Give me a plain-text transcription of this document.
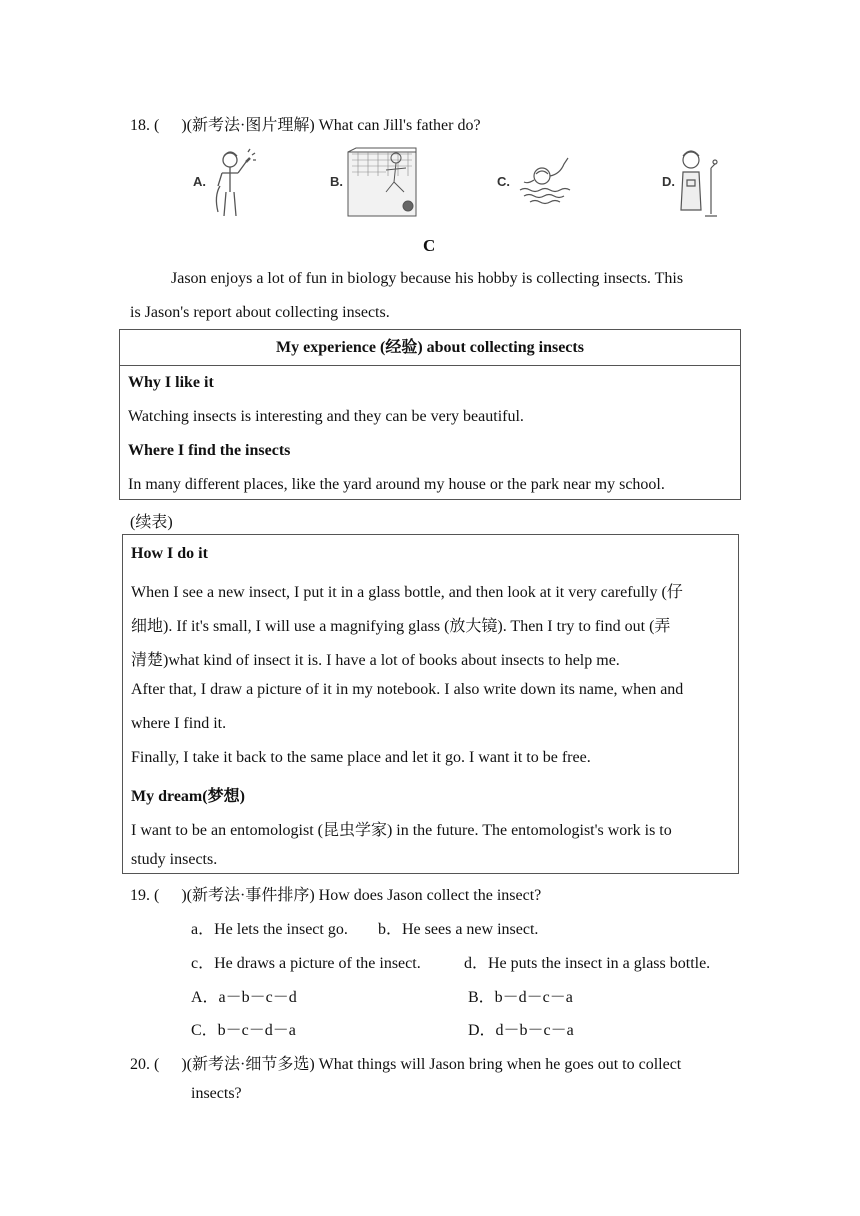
18. ( )(新考法·图片理解) What can Jill's father do?
A.	B.	C.	D.
C
Jason enjoys a lot of fun in biology because his hobby is collecting insects. This
is Jason's report about collecting insects.
My experience (经验) about collecting insects
Why I like it
Watching insects is interesting and they can be very beautiful.
Where I find the insects
In many different places, like the yard around my house or the park near my school.
(续表)
How I do it
When I see a new insect, I put it in a glass bottle, and then look at it very carefully (仔
细地). If it's small, I will use a magnifying glass (放大镜). Then I try to find out (弄
清楚)what kind of insect it is. I have a lot of books about insects to help me.
After that, I draw a picture of it in my notebook. I also write down its name, when and
where I find it.
Finally, I take it back to the same place and let it go. I want it to be free.
My dream(梦想)
I want to be an entomologist (昆虫学家) in the future. The entomologist's work is to
study insects.
19. ( )(新考法·事件排序) How does Jason collect the insect?
a．He lets the insect go. b．He sees a new insect.
c．He draws a picture of the insect.	d．He puts the insect in a glass bottle.
A．a－b－c－d	B．b－d－c－a
C．b－c－d－a	D．d－b－c－a
20. ( )(新考法·细节多选) What things will Jason bring when he goes out to collect
insects?
